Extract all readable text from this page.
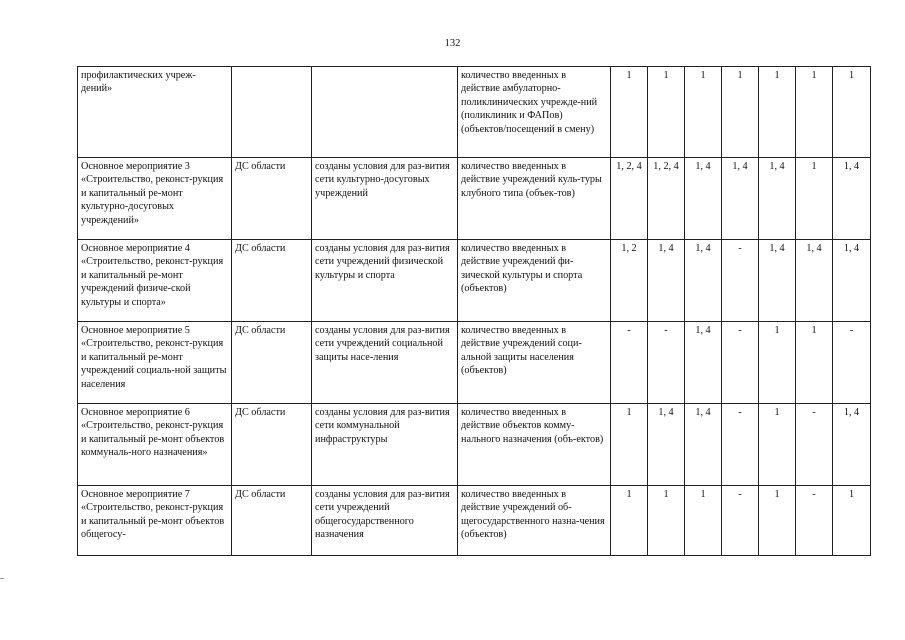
132
профилактических учреж- дений»			количество введенных в действие амбулаторно-поликлинических учрежде-ний (поликлиник и ФАПов) (объектов/посещений в смену)	1	1	1	1	1	1	1
Основное мероприятие 3 «Строительство, реконст-рукция и капитальный ре-монт культурно-досуговых учреждений»	ДС области	созданы условия для раз-вития сети культурно-досуговых учреждений	количество введенных в действие учреждений куль-туры клубного типа (объек-тов)	1, 2, 4	1, 2, 4	1, 4	1, 4	1, 4	1	1, 4
Основное мероприятие 4 «Строительство, реконст-рукция и капитальный ре-монт учреждений физиче-ской культуры и спорта»	ДС области	созданы условия для раз-вития сети учреждений физической культуры и спорта	количество введенных в действие учреждений фи-зической культуры и спорта (объектов)	1, 2	1, 4	1, 4	-	1, 4	1, 4	1, 4
Основное мероприятие 5 «Строительство, реконст-рукция и капитальный ре-монт учреждений социаль-ной защиты населения	ДС области	созданы условия для раз-вития сети учреждений социальной защиты насе-ления	количество введенных в действие учреждений соци-альной защиты населения (объектов)	-	-	1, 4	-	1	1	-
Основное мероприятие 6 «Строительство, реконст-рукция и капитальный ре-монт объектов коммуналь-ного назначения»	ДС области	созданы условия для раз-вития сети коммунальной инфраструктуры	количество введенных в действие объектов комму-нального назначения (объ-ектов)	1	1, 4	1, 4	-	1	-	1, 4
Основное мероприятие 7 «Строительство, реконст-рукция и капитальный ре-монт объектов общегосу-	ДС области	созданы условия для раз-вития сети учреждений общегосударственного назначения	количество введенных в действие учреждений об-щегосударственного назна-чения (объектов)	1	1	1	-	1	-	1
